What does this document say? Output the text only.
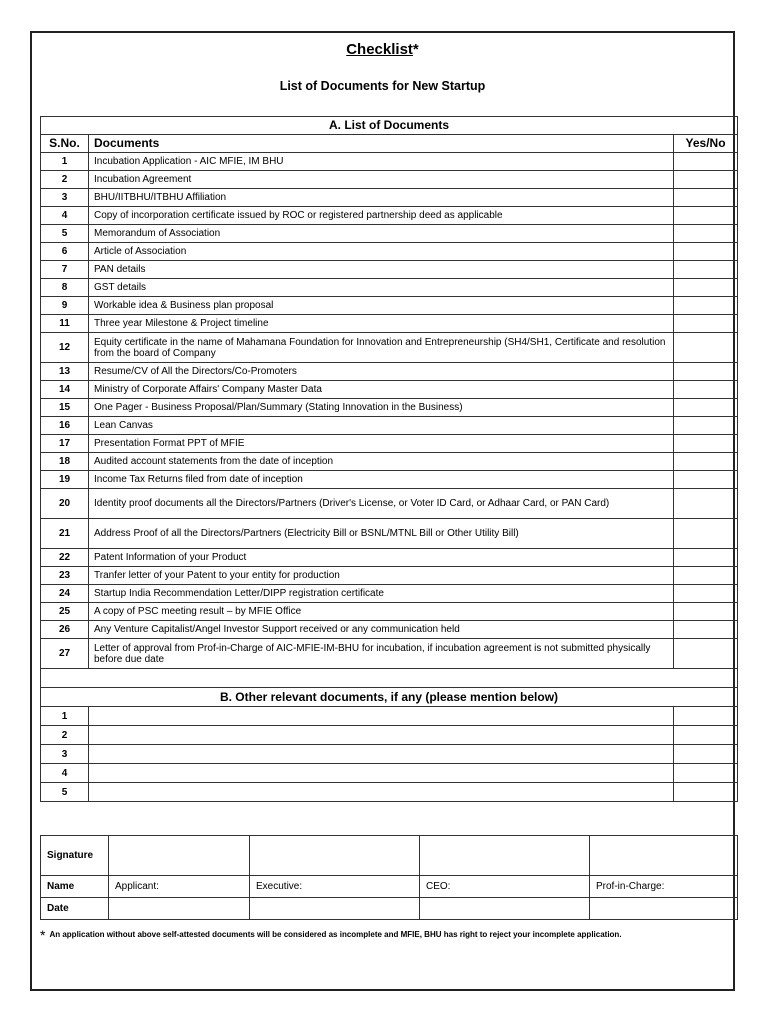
Checklist*
List of Documents for New Startup
A. List of Documents		
S.No.	Documents	Yes/No
1	Incubation Application - AIC MFIE, IM BHU	
2	Incubation Agreement	
3	BHU/IITBHU/ITBHU Affiliation	
4	Copy of incorporation certificate issued by ROC or registered partnership deed as applicable	
5	Memorandum of Association	
6	Article of Association	
7	PAN details	
8	GST details	
9	Workable idea & Business plan proposal	
11	Three year Milestone & Project timeline	
12	Equity certificate in the name of Mahamana Foundation for Innovation and Entrepreneurship (SH4/SH1, Certificate and resolution from the board of Company	
13	Resume/CV of All the Directors/Co-Promoters	
14	Ministry of Corporate Affairs' Company Master Data	
15	One Pager - Business Proposal/Plan/Summary (Stating Innovation in the Business)	
16	Lean Canvas	
17	Presentation Format PPT of MFIE	
18	Audited account statements from the date of inception	
19	Income Tax Returns filed from date of inception	
20	Identity proof documents all the Directors/Partners (Driver's License, or Voter ID Card, or Adhaar Card, or PAN Card)	
21	Address Proof of all the Directors/Partners (Electricity Bill or BSNL/MTNL Bill or Other Utility Bill)	
22	Patent Information of your Product	
23	Tranfer letter of your Patent to your entity for production	
24	Startup India Recommendation Letter/DIPP registration certificate	
25	A copy of PSC meeting result – by MFIE Office	
26	Any Venture Capitalist/Angel Investor Support received or any communication held	
27	Letter of approval from Prof-in-Charge of AIC-MFIE-IM-BHU for incubation, if incubation agreement is not submitted physically before due date	

B. Other relevant documents, if any (please mention below)		
1		
2		
3		
4		
5		
Signature				
Name	Applicant:	Executive:	CEO:	Prof-in-Charge:
Date				
* An application without above self-attested documents will be considered as incomplete and MFIE, BHU has right to reject your incomplete application.
